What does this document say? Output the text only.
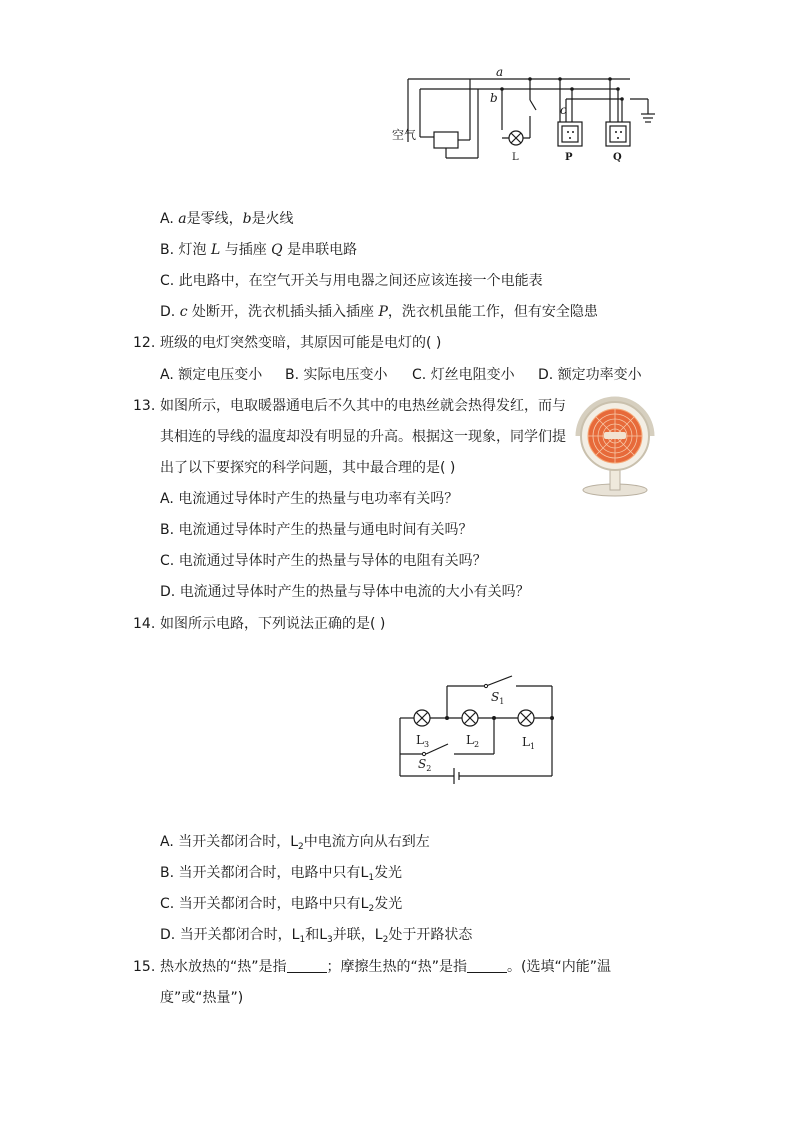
空气
a
b
c
L	P	Q
A. a是零线，b是火线
B. 灯泡 L 与插座 Q 是串联电路
C. 此电路中，在空气开关与用电器之间还应该连接一个电能表
D. c 处断开，洗衣机插头插入插座 P，洗衣机虽能工作，但有安全隐患
12. 班级的电灯突然变暗，其原因可能是电灯的( )
A. 额定电压变小 B. 实际电压变小 C. 灯丝电阻变小 D. 额定功率变小
13. 如图所示，电取暖器通电后不久其中的电热丝就会热得发红，而与
其相连的导线的温度却没有明显的升高。根据这一现象，同学们提
出了以下要探究的科学问题，其中最合理的是( )
A. 电流通过导体时产生的热量与电功率有关吗？
B. 电流通过导体时产生的热量与通电时间有关吗？
C. 电流通过导体时产生的热量与导体的电阻有关吗？
D. 电流通过导体时产生的热量与导体中电流的大小有关吗？
14. 如图所示电路，下列说法正确的是( )
$S_1$
$L_3$	$L_2$	$L_1$
$S_2$
A. 当开关都闭合时，$L_2$中电流方向从右到左
B. 当开关都闭合时，电路中只有$L_1$发光
C. 当开关都闭合时，电路中只有$L_2$发光
D. 当开关都闭合时，$L_1$和$L_3$并联，$L_2$处于开路状态
15. 热水放热的“热”是指	；摩擦生热的“热”是指	。(选填“内能”温
度”或“热量”)
